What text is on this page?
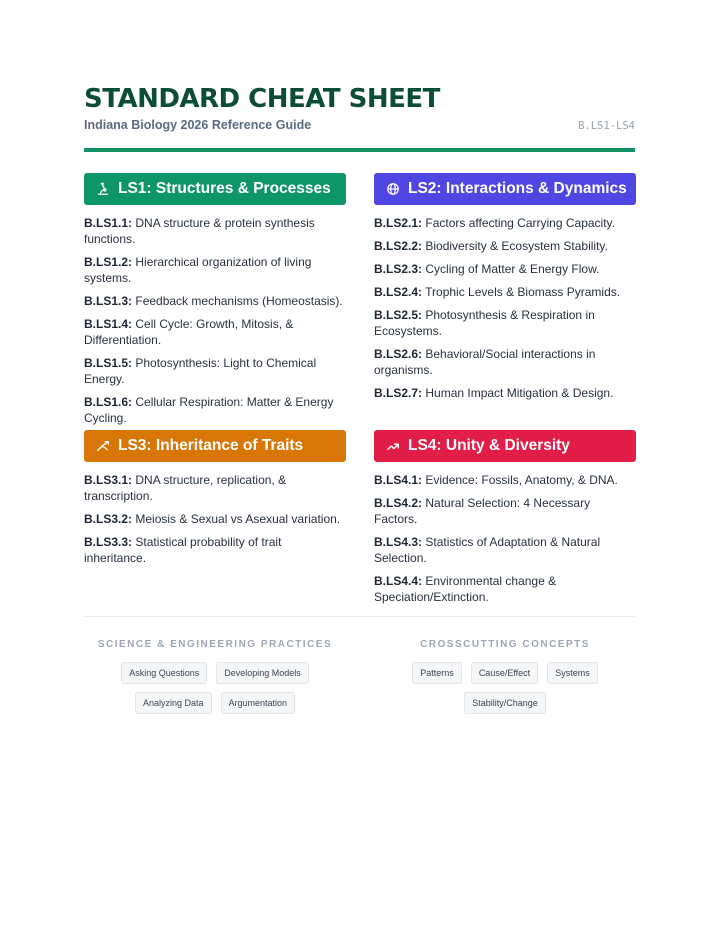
STANDARD CHEAT SHEET
Indiana Biology 2026 Reference Guide	B.LS1-LS4
LS1: Structures & Processes
B.LS1.1: DNA structure & protein synthesis functions.
B.LS1.2: Hierarchical organization of living systems.
B.LS1.3: Feedback mechanisms (Homeostasis).
B.LS1.4: Cell Cycle: Growth, Mitosis, & Differentiation.
B.LS1.5: Photosynthesis: Light to Chemical Energy.
B.LS1.6: Cellular Respiration: Matter & Energy Cycling.
LS2: Interactions & Dynamics
B.LS2.1: Factors affecting Carrying Capacity.
B.LS2.2: Biodiversity & Ecosystem Stability.
B.LS2.3: Cycling of Matter & Energy Flow.
B.LS2.4: Trophic Levels & Biomass Pyramids.
B.LS2.5: Photosynthesis & Respiration in Ecosystems.
B.LS2.6: Behavioral/Social interactions in organisms.
B.LS2.7: Human Impact Mitigation & Design.
LS3: Inheritance of Traits
B.LS3.1: DNA structure, replication, & transcription.
B.LS3.2: Meiosis & Sexual vs Asexual variation.
B.LS3.3: Statistical probability of trait inheritance.
LS4: Unity & Diversity
B.LS4.1: Evidence: Fossils, Anatomy, & DNA.
B.LS4.2: Natural Selection: 4 Necessary Factors.
B.LS4.3: Statistics of Adaptation & Natural Selection.
B.LS4.4: Environmental change & Speciation/Extinction.
SCIENCE & ENGINEERING PRACTICES
Asking Questions	Developing Models
Analyzing Data	Argumentation
CROSSCUTTING CONCEPTS
Patterns	Cause/Effect	Systems
Stability/Change
